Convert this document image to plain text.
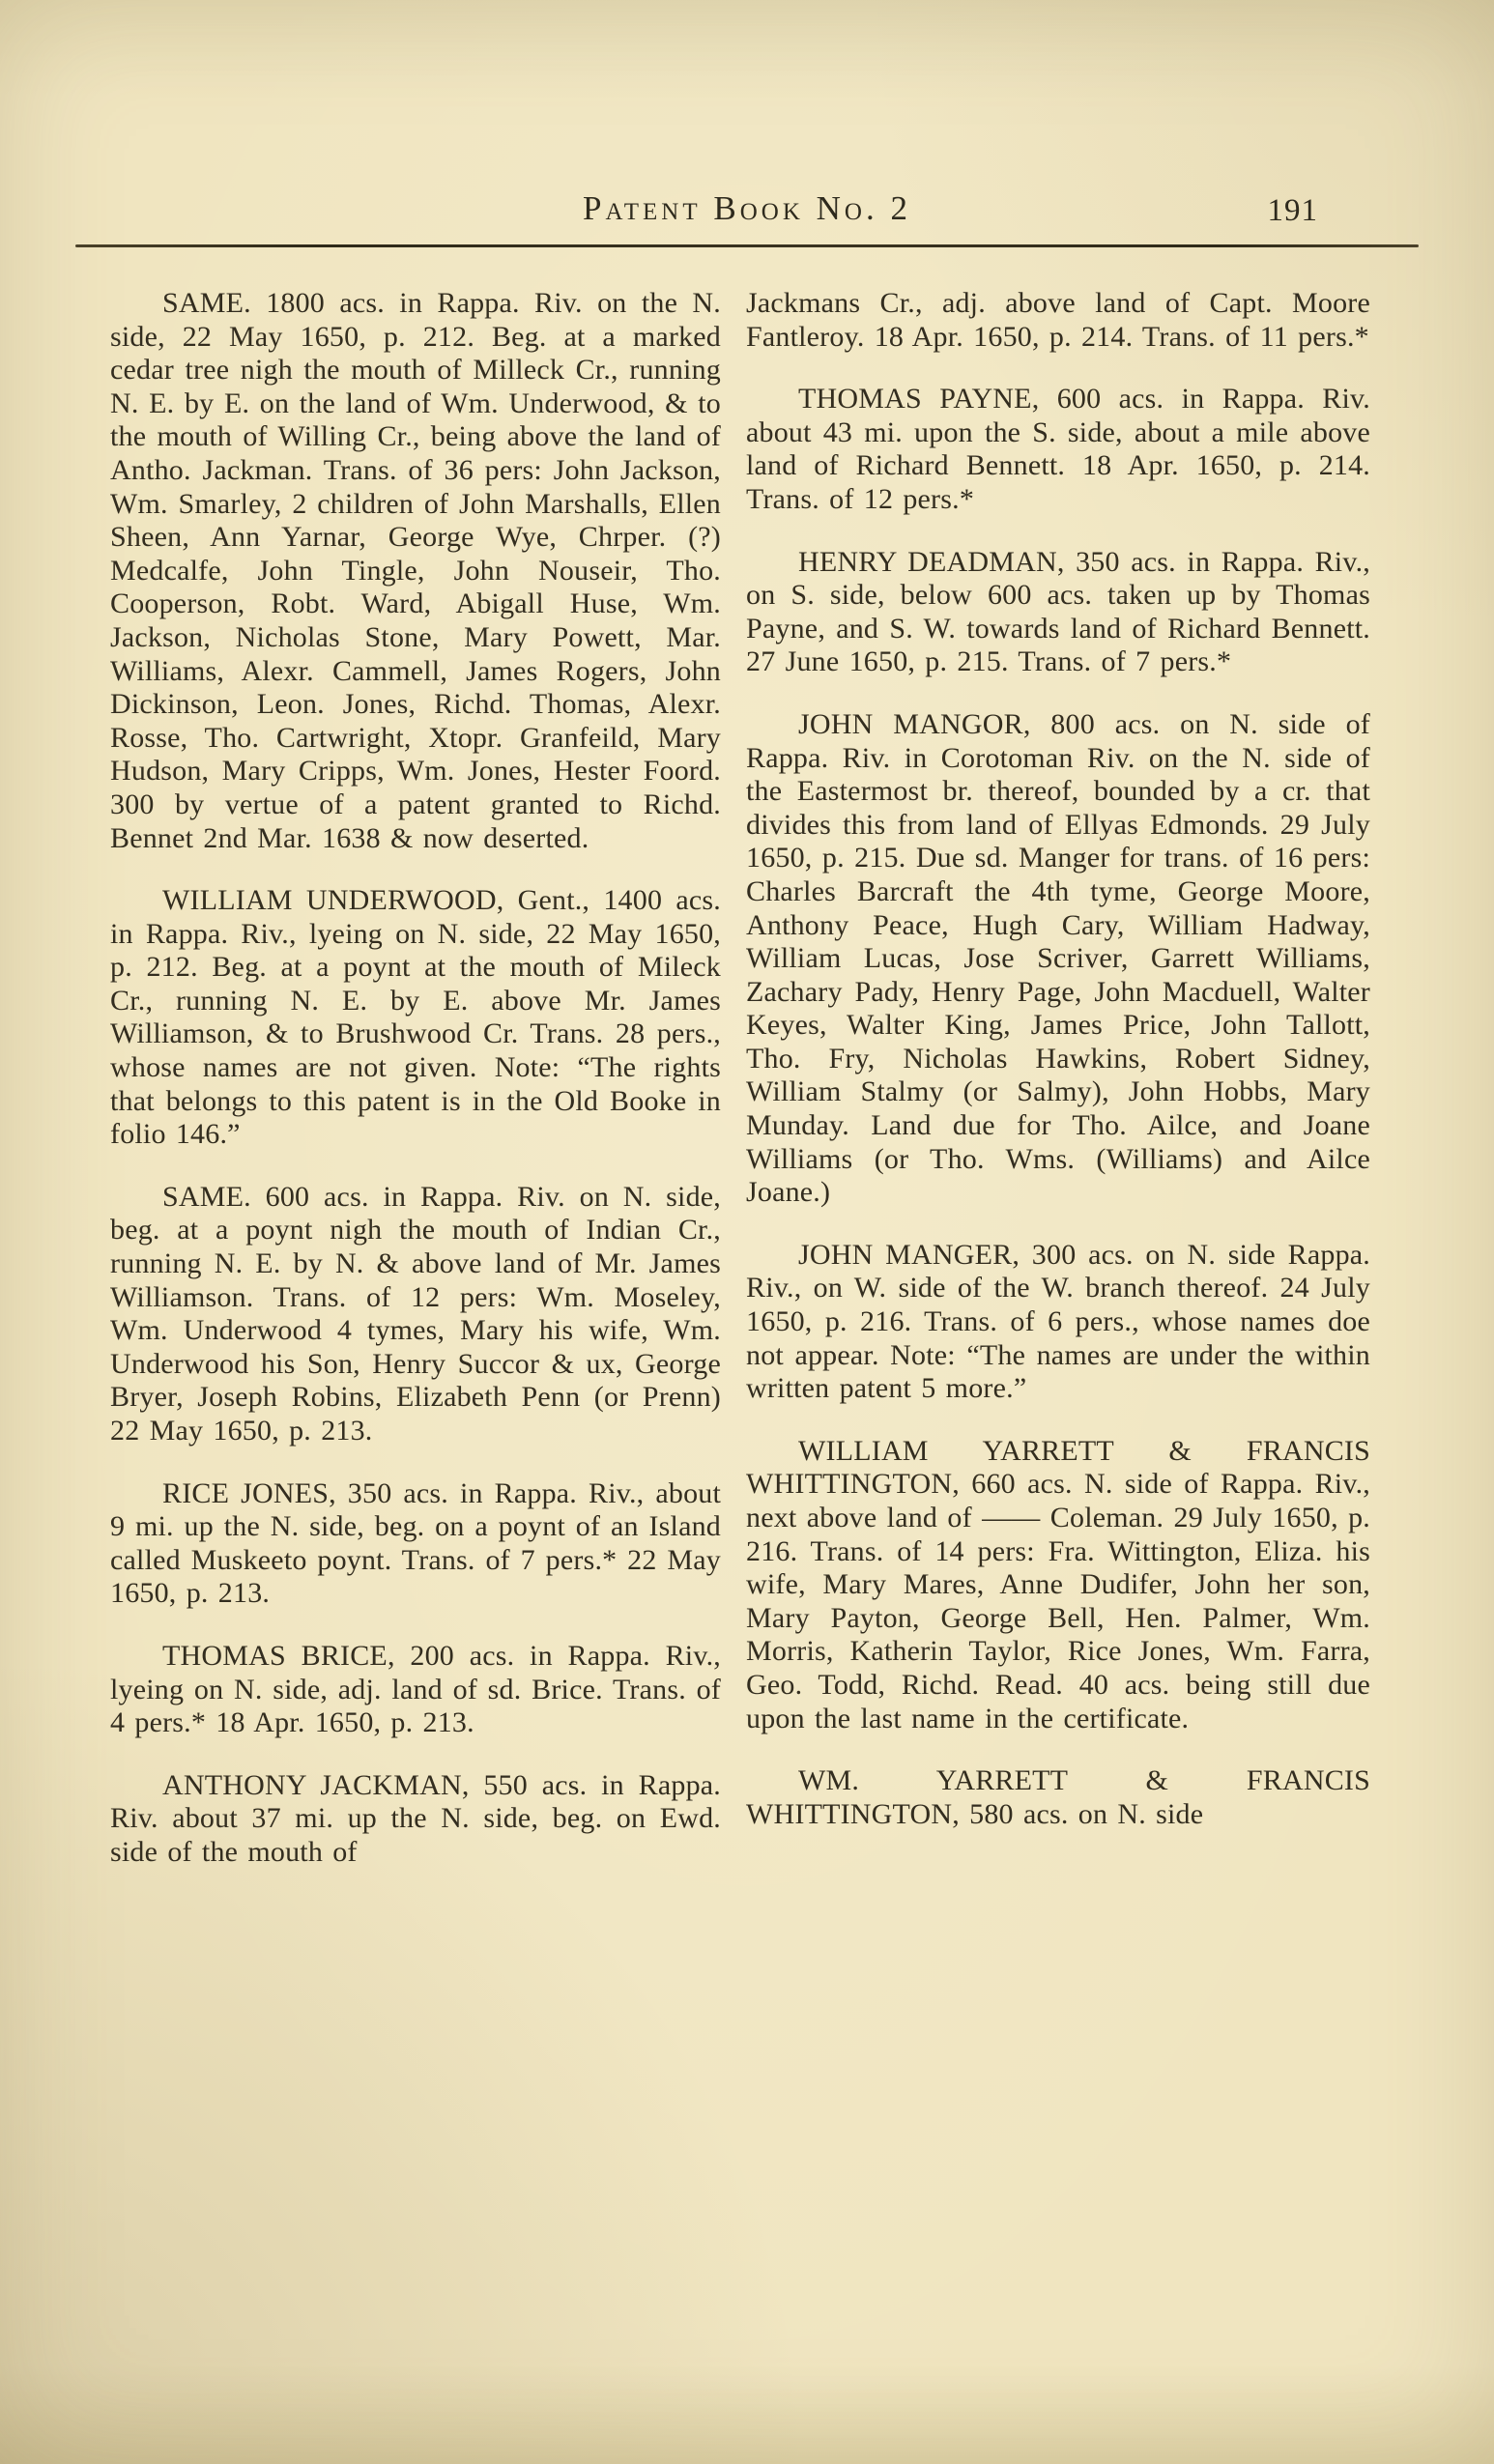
Patent Book No. 2	191

SAME. 1800 acs. in Rappa. Riv. on the N. side, 22 May 1650, p. 212. Beg. at a marked cedar tree nigh the mouth of Milleck Cr., running N. E. by E. on the land of Wm. Underwood, & to the mouth of Willing Cr., being above the land of Antho. Jackman. Trans. of 36 pers: John Jackson, Wm. Smarley, 2 children of John Marshalls, Ellen Sheen, Ann Yarnar, George Wye, Chrper. (?) Medcalfe, John Tingle, John Nouseir, Tho. Cooperson, Robt. Ward, Abigall Huse, Wm. Jackson, Nicholas Stone, Mary Powett, Mar. Williams, Alexr. Cammell, James Rogers, John Dickinson, Leon. Jones, Richd. Thomas, Alexr. Rosse, Tho. Cartwright, Xtopr. Granfeild, Mary Hudson, Mary Cripps, Wm. Jones, Hester Foord. 300 by vertue of a patent granted to Richd. Bennet 2nd Mar. 1638 & now deserted.

WILLIAM UNDERWOOD, Gent., 1400 acs. in Rappa. Riv., lyeing on N. side, 22 May 1650, p. 212. Beg. at a poynt at the mouth of Mileck Cr., running N. E. by E. above Mr. James Williamson, & to Brushwood Cr. Trans. 28 pers., whose names are not given. Note: “The rights that belongs to this patent is in the Old Booke in folio 146.”

SAME. 600 acs. in Rappa. Riv. on N. side, beg. at a poynt nigh the mouth of Indian Cr., running N. E. by N. & above land of Mr. James Williamson. Trans. of 12 pers: Wm. Moseley, Wm. Underwood 4 tymes, Mary his wife, Wm. Underwood his Son, Henry Succor & ux, George Bryer, Joseph Robins, Elizabeth Penn (or Prenn) 22 May 1650, p. 213.

RICE JONES, 350 acs. in Rappa. Riv., about 9 mi. up the N. side, beg. on a poynt of an Island called Muskeeto poynt. Trans. of 7 pers.* 22 May 1650, p. 213.

THOMAS BRICE, 200 acs. in Rappa. Riv., lyeing on N. side, adj. land of sd. Brice. Trans. of 4 pers.* 18 Apr. 1650, p. 213.

ANTHONY JACKMAN, 550 acs. in Rappa. Riv. about 37 mi. up the N. side, beg. on Ewd. side of the mouth of

Jackmans Cr., adj. above land of Capt. Moore Fantleroy. 18 Apr. 1650, p. 214. Trans. of 11 pers.*

THOMAS PAYNE, 600 acs. in Rappa. Riv. about 43 mi. upon the S. side, about a mile above land of Richard Bennett. 18 Apr. 1650, p. 214. Trans. of 12 pers.*

HENRY DEADMAN, 350 acs. in Rappa. Riv., on S. side, below 600 acs. taken up by Thomas Payne, and S. W. towards land of Richard Bennett. 27 June 1650, p. 215. Trans. of 7 pers.*

JOHN MANGOR, 800 acs. on N. side of Rappa. Riv. in Corotoman Riv. on the N. side of the Eastermost br. thereof, bounded by a cr. that divides this from land of Ellyas Edmonds. 29 July 1650, p. 215. Due sd. Manger for trans. of 16 pers: Charles Barcraft the 4th tyme, George Moore, Anthony Peace, Hugh Cary, William Hadway, William Lucas, Jose Scriver, Garrett Williams, Zachary Pady, Henry Page, John Macduell, Walter Keyes, Walter King, James Price, John Tallott, Tho. Fry, Nicholas Hawkins, Robert Sidney, William Stalmy (or Salmy), John Hobbs, Mary Munday. Land due for Tho. Ailce, and Joane Williams (or Tho. Wms. (Williams) and Ailce Joane.)

JOHN MANGER, 300 acs. on N. side Rappa. Riv., on W. side of the W. branch thereof. 24 July 1650, p. 216. Trans. of 6 pers., whose names doe not appear. Note: “The names are under the within written patent 5 more.”

WILLIAM YARRETT & FRANCIS WHITTINGTON, 660 acs. N. side of Rappa. Riv., next above land of —— Coleman. 29 July 1650, p. 216. Trans. of 14 pers: Fra. Wittington, Eliza. his wife, Mary Mares, Anne Dudifer, John her son, Mary Payton, George Bell, Hen. Palmer, Wm. Morris, Katherin Taylor, Rice Jones, Wm. Farra, Geo. Todd, Richd. Read. 40 acs. being still due upon the last name in the certificate.

WM. YARRETT & FRANCIS WHITTINGTON, 580 acs. on N. side
